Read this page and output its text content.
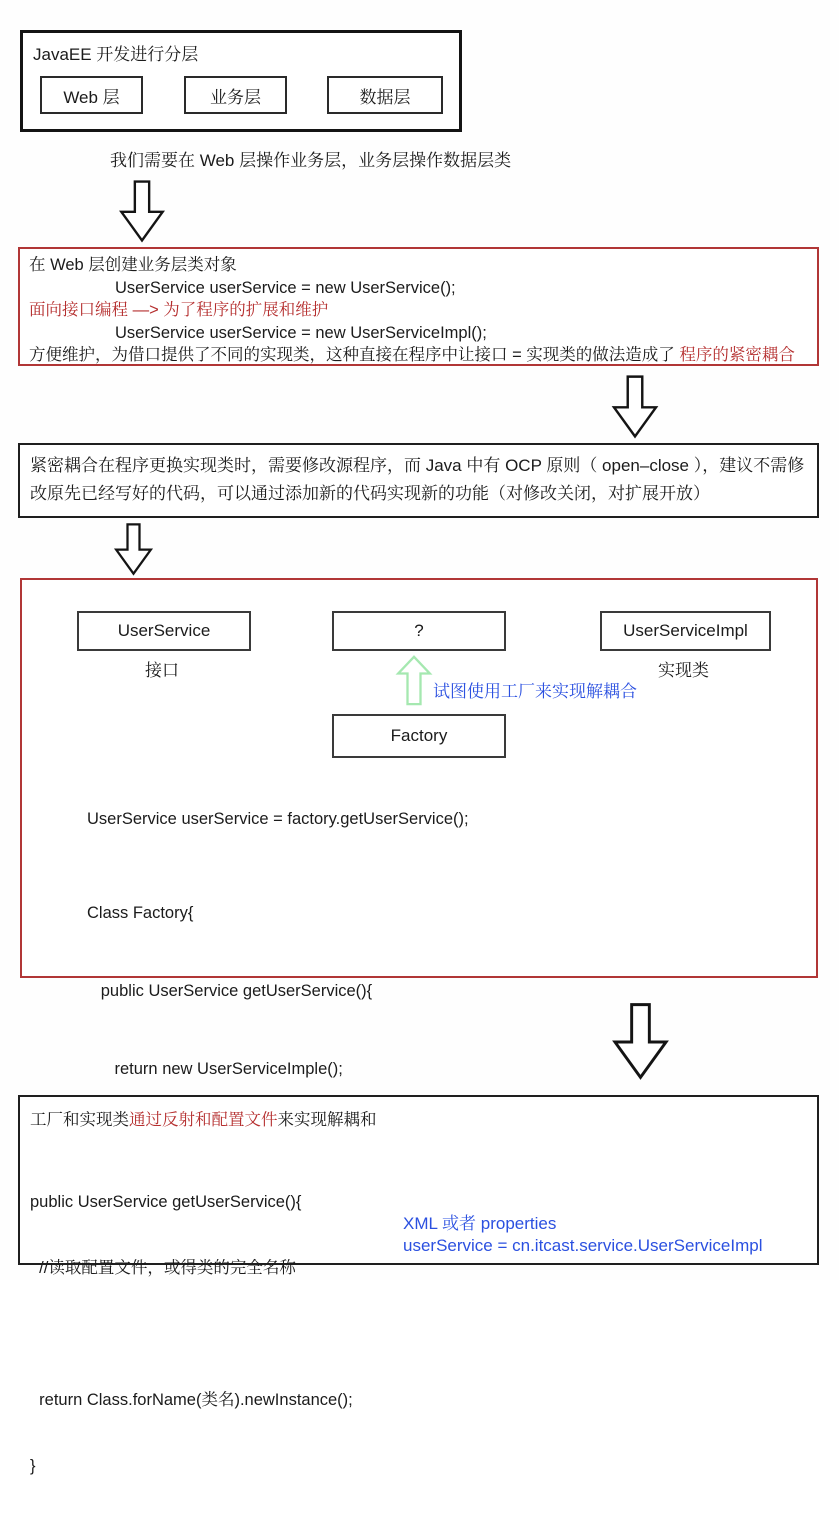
JavaEE 开发进行分层
Web 层	业务层	数据层
我们需要在 Web 层操作业务层，业务层操作数据层类
在 Web 层创建业务层类对象
UserService userService = new UserService();
面向接口编程 —> 为了程序的扩展和维护
UserService userService = new UserServiceImpl();
方便维护，为借口提供了不同的实现类，这种直接在程序中让接口 = 实现类的做法造成了 程序的紧密耦合
紧密耦合在程序更换实现类时，需要修改源程序，而 Java 中有 OCP 原则（ open–close ），建议不需修改原先已经写好的代码，可以通过添加新的代码实现新的功能（对修改关闭，对扩展开放）
UserService	?	UserServiceImpl
接口	实现类
试图使用工厂来实现解耦合
Factory
UserService userService = factory.getUserService();

Class Factory{

public UserService getUserService(){

return new UserServiceImple();

工厂和实现类通过反射和配置文件来实现解耦和

public UserService getUserService(){

//读取配置文件，或得类的完全名称

return Class.forName(类名).newInstance();

}

XML 或者 properties
userService = cn.itcast.service.UserServiceImpl
